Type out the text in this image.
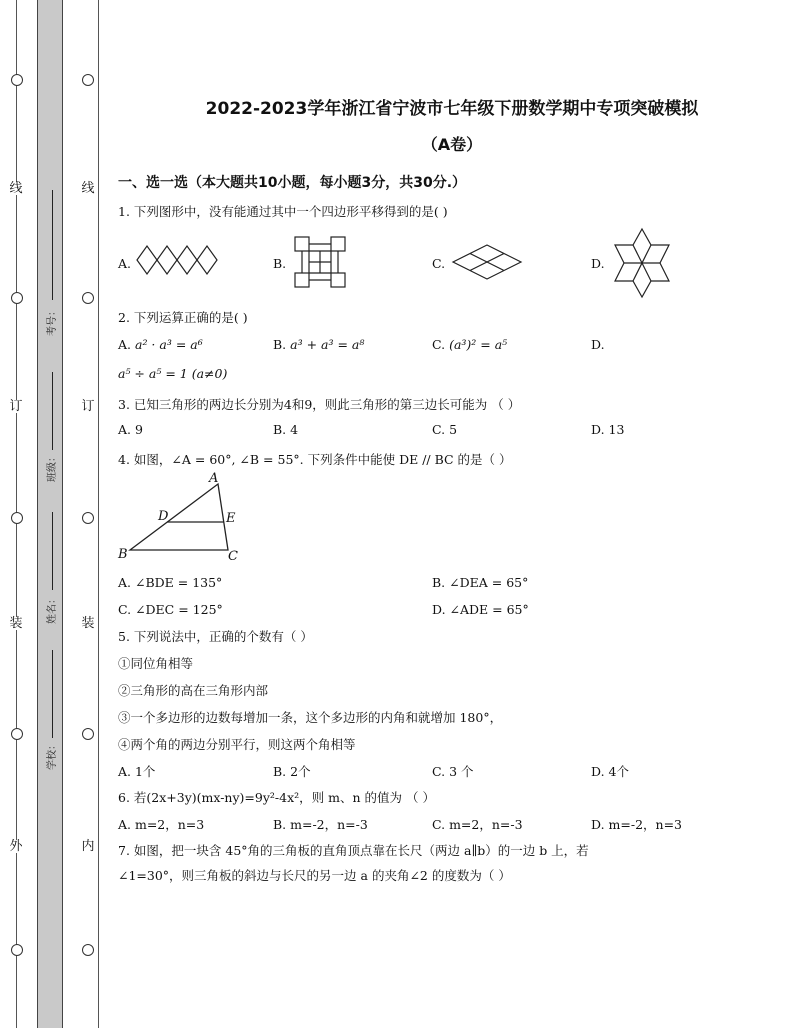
线
订
装
外
线
订
装
内
考号：
班级：
姓名：
学校：
2022-2023学年浙江省宁波市七年级下册数学期中专项突破模拟
（A卷）
一、选一选（本大题共10小题，每小题3分，共30分.）
1. 下列图形中，没有能通过其中一个四边形平移得到的是( )
A.	B.	C.	D.
2. 下列运算正确的是( )
A. a² · a³ = a⁶	B. a³ + a³ = a⁸	C. (a³)² = a⁵	D.
a⁵ ÷ a⁵ = 1 (a≠0)
3. 已知三角形的两边长分别为4和9，则此三角形的第三边长可能为 （ ）
A. 9	B. 4	C. 5	D. 13
4. 如图，∠A = 60°, ∠B = 55°. 下列条件中能使 DE // BC 的是（ ）
A
B	C
D	E
A. ∠BDE = 135°	B. ∠DEA = 65°
C. ∠DEC = 125°	D. ∠ADE = 65°
5. 下列说法中，正确的个数有（ ）
①同位角相等
②三角形的高在三角形内部
③一个多边形的边数每增加一条，这个多边形的内角和就增加 180°，
④两个角的两边分别平行，则这两个角相等
A. 1个	B. 2个	C. 3 个	D. 4个
6. 若(2x+3y)(mx-ny)=9y²-4x²，则 m、n 的值为 （ ）
A. m=2，n=3	B. m=-2，n=-3	C. m=2，n=-3	D. m=-2，n=3
7. 如图，把一块含 45°角的三角板的直角顶点靠在长尺（两边 a∥b）的一边 b 上，若
∠1=30°，则三角板的斜边与长尺的另一边 a 的夹角∠2 的度数为（ ）
